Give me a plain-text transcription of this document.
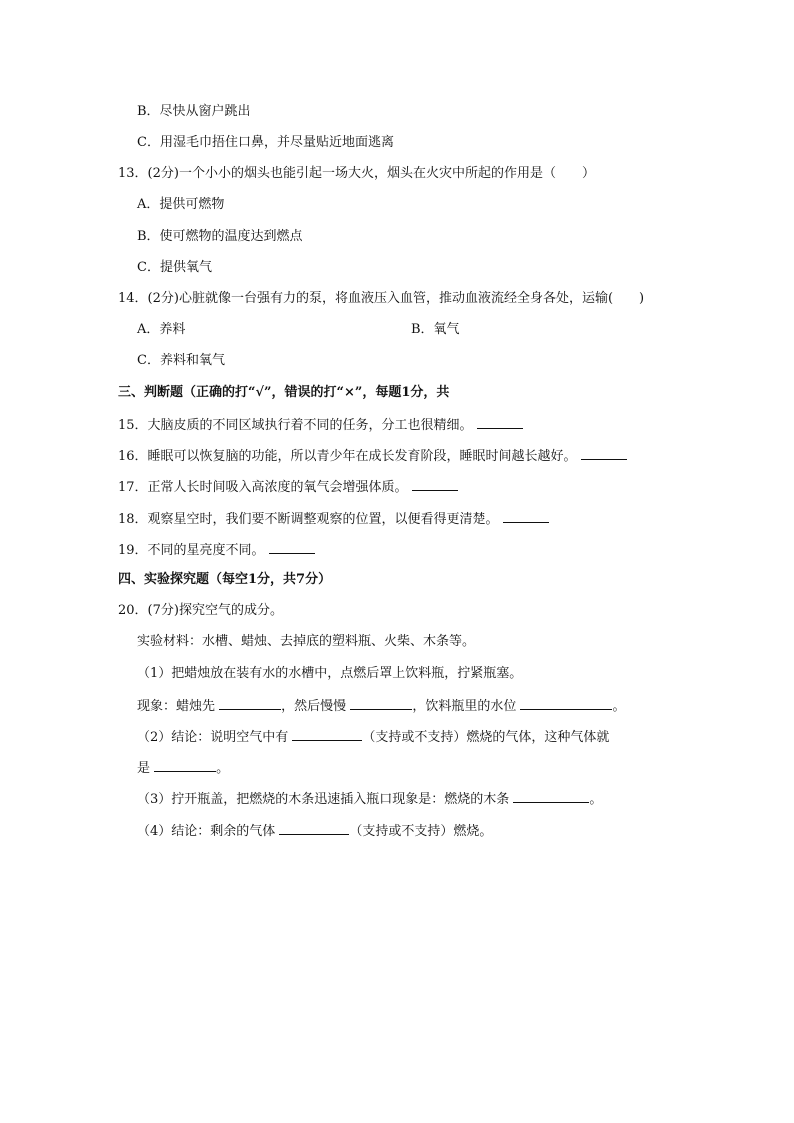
B．尽快从窗户跳出
C．用湿毛巾捂住口鼻，并尽量贴近地面逃离
13．(2分)一个小小的烟头也能引起一场大火，烟头在火灾中所起的作用是（　　）
A．提供可燃物
B．使可燃物的温度达到燃点
C．提供氧气
14．(2分)心脏就像一台强有力的泵，将血液压入血管，推动血液流经全身各处，运输(　　)
A．养料	B．氧气
C．养料和氧气
三、判断题（正确的打“√”，错误的打“×”，每题1分，共
15．大脑皮质的不同区域执行着不同的任务，分工也很精细。
16．睡眠可以恢复脑的功能，所以青少年在成长发育阶段，睡眠时间越长越好。
17．正常人长时间吸入高浓度的氧气会增强体质。
18．观察星空时，我们要不断调整观察的位置，以便看得更清楚。
19．不同的星亮度不同。
四、实验探究题（每空1分，共7分）
20．(7分)探究空气的成分。
实验材料：水槽、蜡烛、去掉底的塑料瓶、火柴、木条等。
（1）把蜡烛放在装有水的水槽中，点燃后罩上饮料瓶，拧紧瓶塞。
现象：蜡烛先	，然后慢慢	，饮料瓶里的水位	。
（2）结论：说明空气中有	（支持或不支持）燃烧的气体，这种气体就
是	。
（3）拧开瓶盖，把燃烧的木条迅速插入瓶口现象是：燃烧的木条	。
（4）结论：剩余的气体	（支持或不支持）燃烧。
